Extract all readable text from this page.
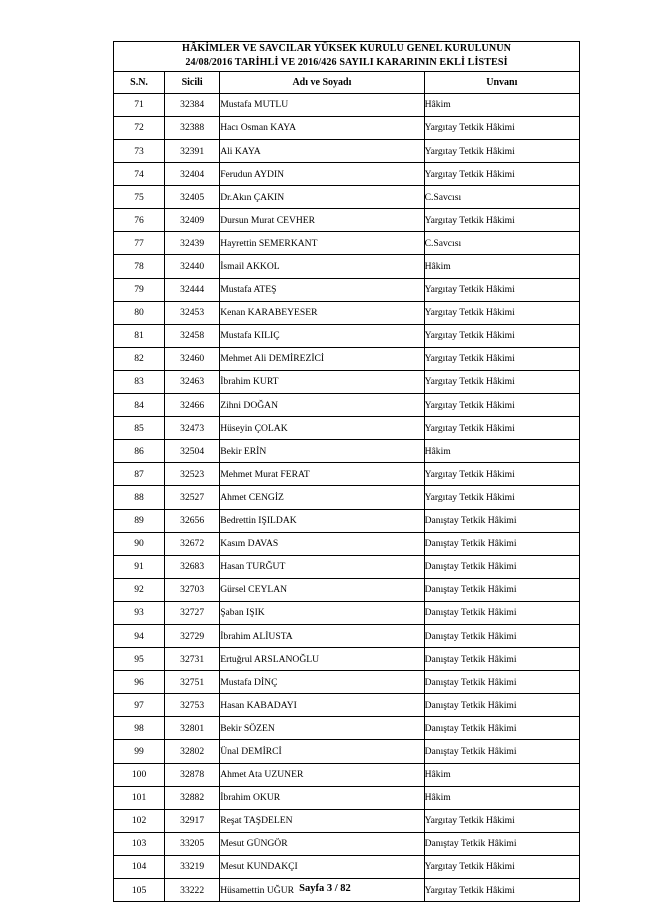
HÂKİMLER VE SAVCILAR YÜKSEK KURULU GENEL KURULUNUN
24/08/2016 TARİHLİ VE 2016/426 SAYILI KARARININ EKLİ LİSTESİ			

S.N.	Sicili	Adı ve Soyadı	Unvanı
71	32384	Mustafa MUTLU	Hâkim
72	32388	Hacı Osman KAYA	Yargıtay Tetkik Hâkimi
73	32391	Ali KAYA	Yargıtay Tetkik Hâkimi
74	32404	Ferudun AYDIN	Yargıtay Tetkik Hâkimi
75	32405	Dr.Akın ÇAKIN	C.Savcısı
76	32409	Dursun Murat CEVHER	Yargıtay Tetkik Hâkimi
77	32439	Hayrettin SEMERKANT	C.Savcısı
78	32440	İsmail AKKOL	Hâkim
79	32444	Mustafa ATEŞ	Yargıtay Tetkik Hâkimi
80	32453	Kenan KARABEYESER	Yargıtay Tetkik Hâkimi
81	32458	Mustafa KILIÇ	Yargıtay Tetkik Hâkimi
82	32460	Mehmet Ali DEMİREZİCİ	Yargıtay Tetkik Hâkimi
83	32463	İbrahim KURT	Yargıtay Tetkik Hâkimi
84	32466	Zihni DOĞAN	Yargıtay Tetkik Hâkimi
85	32473	Hüseyin ÇOLAK	Yargıtay Tetkik Hâkimi
86	32504	Bekir ERİN	Hâkim
87	32523	Mehmet Murat FERAT	Yargıtay Tetkik Hâkimi
88	32527	Ahmet CENGİZ	Yargıtay Tetkik Hâkimi
89	32656	Bedrettin IŞILDAK	Danıştay Tetkik Hâkimi
90	32672	Kasım DAVAS	Danıştay Tetkik Hâkimi
91	32683	Hasan TURĞUT	Danıştay Tetkik Hâkimi
92	32703	Gürsel CEYLAN	Danıştay Tetkik Hâkimi
93	32727	Şaban IŞIK	Danıştay Tetkik Hâkimi
94	32729	İbrahim ALİUSTA	Danıştay Tetkik Hâkimi
95	32731	Ertuğrul ARSLANOĞLU	Danıştay Tetkik Hâkimi
96	32751	Mustafa DİNÇ	Danıştay Tetkik Hâkimi
97	32753	Hasan KABADAYI	Danıştay Tetkik Hâkimi
98	32801	Bekir SÖZEN	Danıştay Tetkik Hâkimi
99	32802	Ünal DEMİRCİ	Danıştay Tetkik Hâkimi
100	32878	Ahmet Ata UZUNER	Hâkim
101	32882	İbrahim OKUR	Hâkim
102	32917	Reşat TAŞDELEN	Yargıtay Tetkik Hâkimi
103	33205	Mesut GÜNGÖR	Danıştay Tetkik Hâkimi
104	33219	Mesut KUNDAKÇI	Yargıtay Tetkik Hâkimi
105	33222	Hüsamettin UĞUR	Yargıtay Tetkik Hâkimi
Sayfa 3 / 82
